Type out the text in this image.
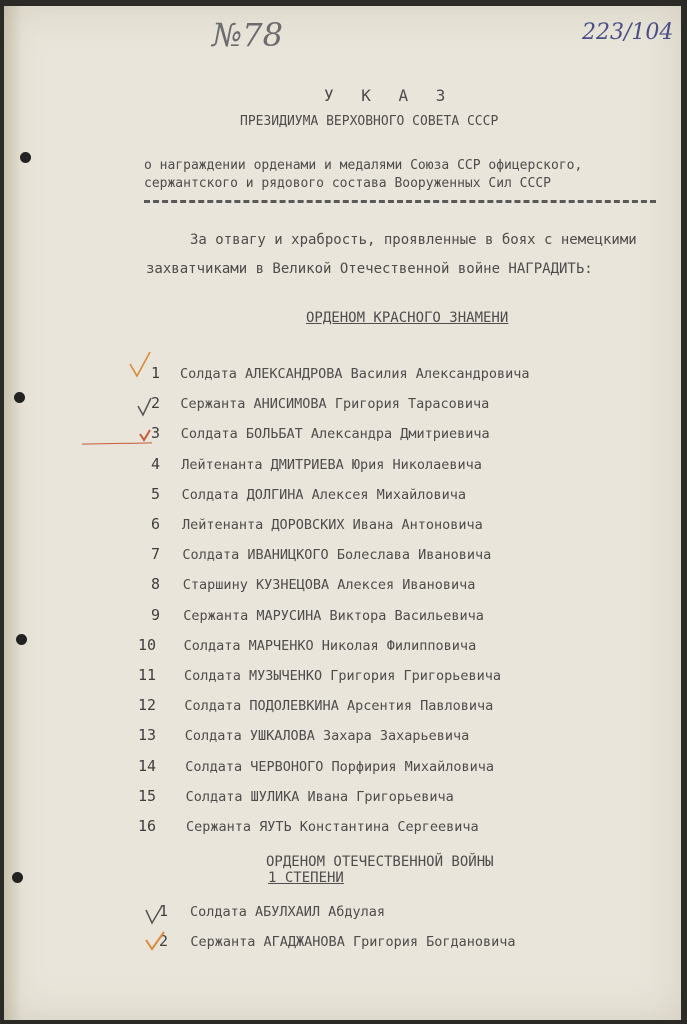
№78	223/104
У К А З
ПРЕЗИДИУМА ВЕРХОВНОГО СОВЕТА СССР
о награждении орденами и медалями Союза ССР офицерского,
сержантского и рядового состава Вооруженных Сил СССР
За отвагу и храбрость, проявленные в боях с немецкими
захватчиками в Великой Отечественной войне НАГРАДИТЬ:
ОРДЕНОМ КРАСНОГО ЗНАМЕНИ
1 Солдата АЛЕКСАНДРОВА Василия Александровича
2 Сержанта АНИСИМОВА Григория Тарасовича
3 Солдата БОЛЬБАТ Александра Дмитриевича
4 Лейтенанта ДМИТРИЕВА Юрия Николаевича
5 Солдата ДОЛГИНА Алексея Михайловича
6 Лейтенанта ДОРОВСКИХ Ивана Антоновича
7 Солдата ИВАНИЦКОГО Болеслава Ивановича
8 Старшину КУЗНЕЦОВА Алексея Ивановича
9 Сержанта МАРУСИНА Виктора Васильевича
10 Солдата МАРЧЕНКО Николая Филипповича
11 Солдата МУЗЫЧЕНКО Григория Григорьевича
12 Солдата ПОДОЛЕВКИНА Арсентия Павловича
13 Солдата УШКАЛОВА Захара Захарьевича
14 Солдата ЧЕРВОНОГО Порфирия Михайловича
15 Солдата ШУЛИКА Ивана Григорьевича
16 Сержанта ЯУТЬ Константина Сергеевича
ОРДЕНОМ ОТЕЧЕСТВЕННОЙ ВОЙНЫ
1 СТЕПЕНИ
1 Солдата АБУЛХАИЛ Абдулая
2 Сержанта АГАДЖАНОВА Григория Богдановича
